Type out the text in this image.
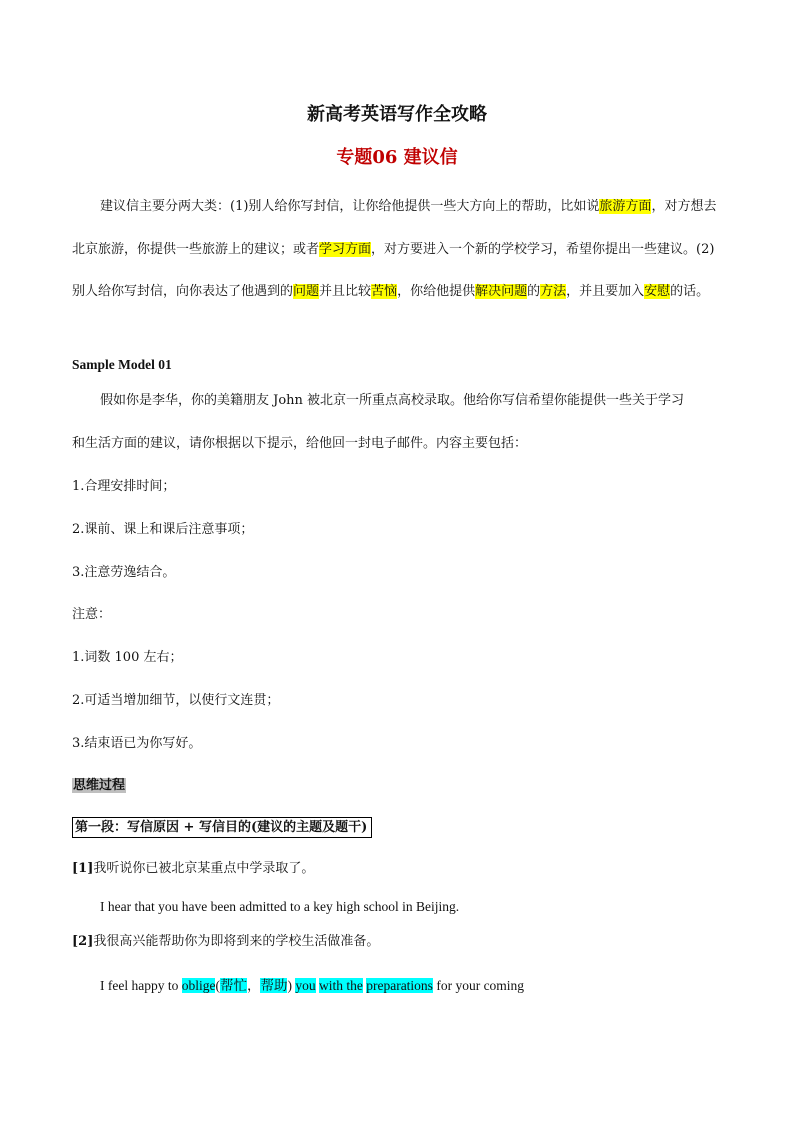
新高考英语写作全攻略
专题06 建议信
建议信主要分两大类：(1)别人给你写封信，让你给他提供一些大方向上的帮助，比如说旅游方面，对方想去北京旅游，你提供一些旅游上的建议；或者学习方面，对方要进入一个新的学校学习，希望你提出一些建议。(2)别人给你写封信，向你表达了他遇到的问题并且比较苦恼，你给他提供解决问题的方法，并且要加入安慰的话。
Sample Model 01
假如你是李华，你的美籍朋友 John 被北京一所重点高校录取。他给你写信希望你能提供一些关于学习
和生活方面的建议，请你根据以下提示，给他回一封电子邮件。内容主要包括：
1.合理安排时间；
2.课前、课上和课后注意事项；
3.注意劳逸结合。
注意：
1.词数 100 左右；
2.可适当增加细节，以使行文连贯；
3.结束语已为你写好。
思维过程
第一段：写信原因 + 写信目的(建议的主题及题干)
[1]我听说你已被北京某重点中学录取了。
I hear that you have been admitted to a key high school in Beijing.
[2]我很高兴能帮助你为即将到来的学校生活做准备。
I feel happy to oblige(帮忙，帮助) you with the preparations for your coming
